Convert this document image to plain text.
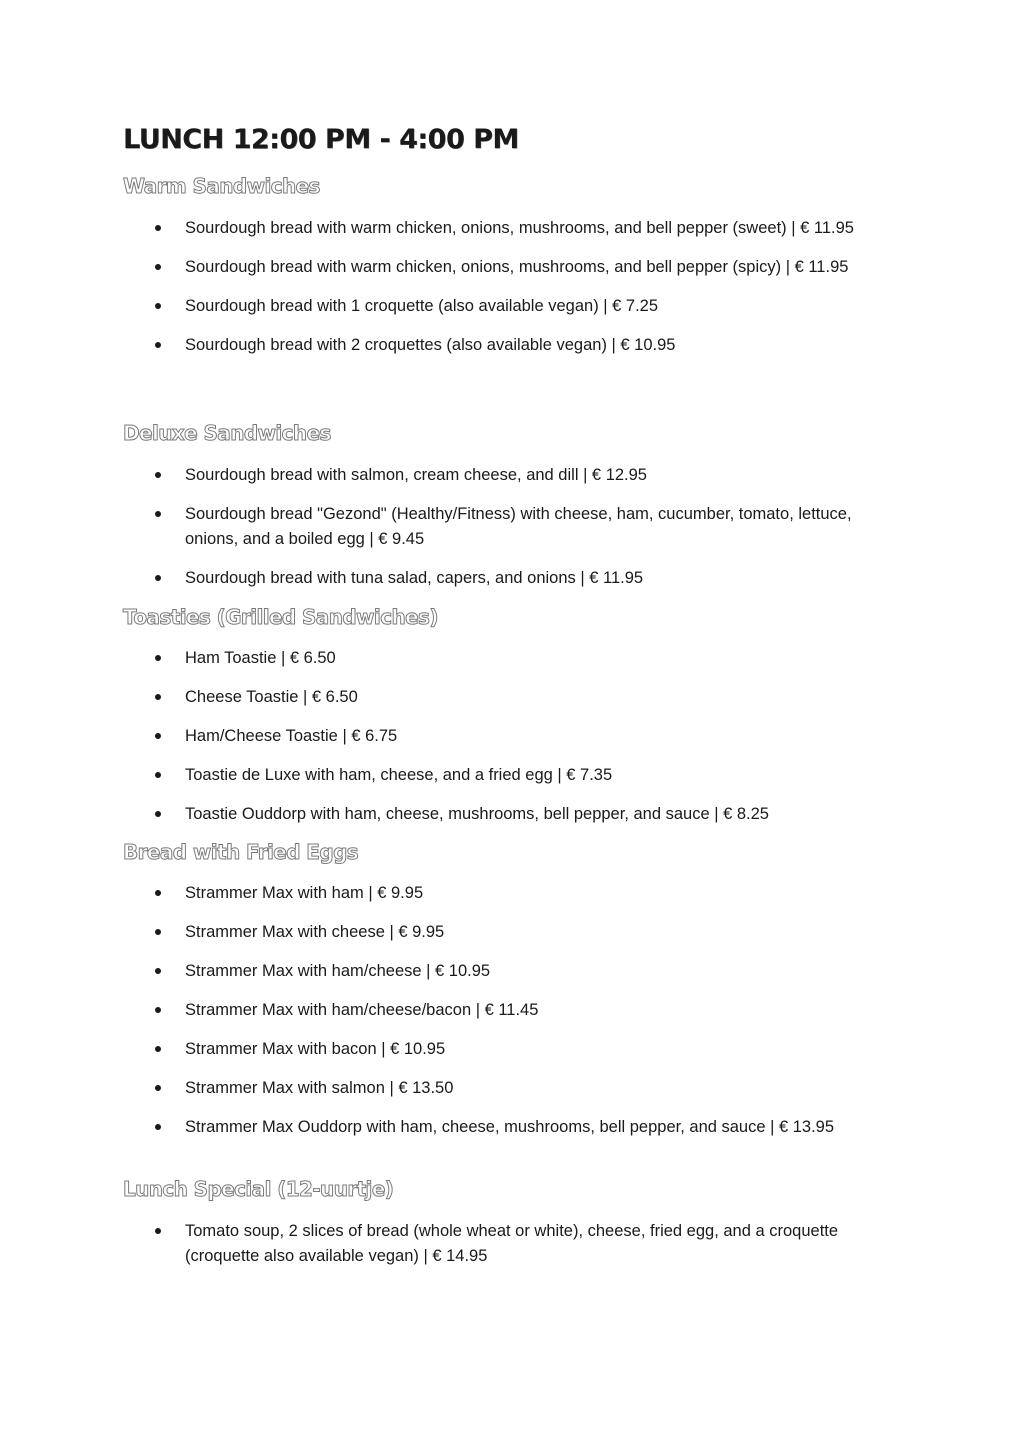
LUNCH 12:00 PM - 4:00 PM
Warm Sandwiches
Sourdough bread with warm chicken, onions, mushrooms, and bell pepper (sweet) | € 11.95
Sourdough bread with warm chicken, onions, mushrooms, and bell pepper (spicy) | € 11.95
Sourdough bread with 1 croquette (also available vegan) | € 7.25
Sourdough bread with 2 croquettes (also available vegan) | € 10.95
Deluxe Sandwiches
Sourdough bread with salmon, cream cheese, and dill | € 12.95
Sourdough bread "Gezond" (Healthy/Fitness) with cheese, ham, cucumber, tomato, lettuce, onions, and a boiled egg | € 9.45
Sourdough bread with tuna salad, capers, and onions | € 11.95
Toasties (Grilled Sandwiches)
Ham Toastie | € 6.50
Cheese Toastie | € 6.50
Ham/Cheese Toastie | € 6.75
Toastie de Luxe with ham, cheese, and a fried egg | € 7.35
Toastie Ouddorp with ham, cheese, mushrooms, bell pepper, and sauce | € 8.25
Bread with Fried Eggs
Strammer Max with ham | € 9.95
Strammer Max with cheese | € 9.95
Strammer Max with ham/cheese | € 10.95
Strammer Max with ham/cheese/bacon | € 11.45
Strammer Max with bacon | € 10.95
Strammer Max with salmon | € 13.50
Strammer Max Ouddorp with ham, cheese, mushrooms, bell pepper, and sauce | € 13.95
Lunch Special (12-uurtje)
Tomato soup, 2 slices of bread (whole wheat or white), cheese, fried egg, and a croquette (croquette also available vegan) | € 14.95
